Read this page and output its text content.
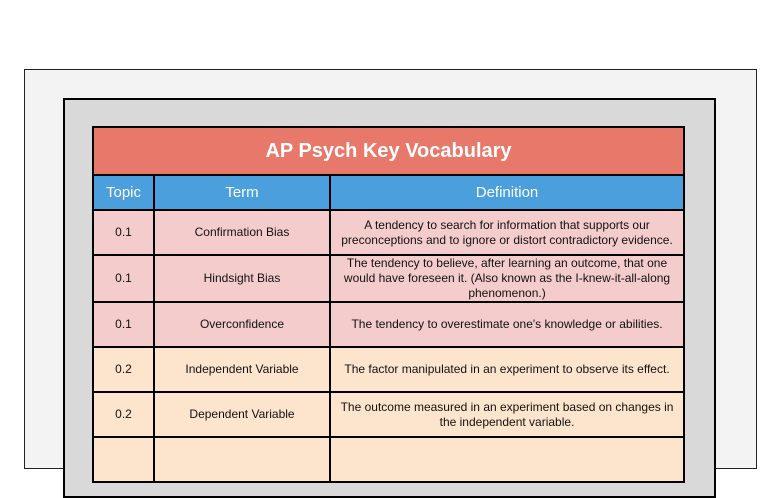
AP Psych Key Vocabulary		
Topic	Term	Definition
0.1	Confirmation Bias	A tendency to search for information that supports our preconceptions and to ignore or distort contradictory evidence.
0.1	Hindsight Bias	The tendency to believe, after learning an outcome, that one would have foreseen it. (Also known as the I-knew-it-all-along phenomenon.)
0.1	Overconfidence	The tendency to overestimate one's knowledge or abilities.
0.2	Independent Variable	The factor manipulated in an experiment to observe its effect.
0.2	Dependent Variable	The outcome measured in an experiment based on changes in the independent variable.
